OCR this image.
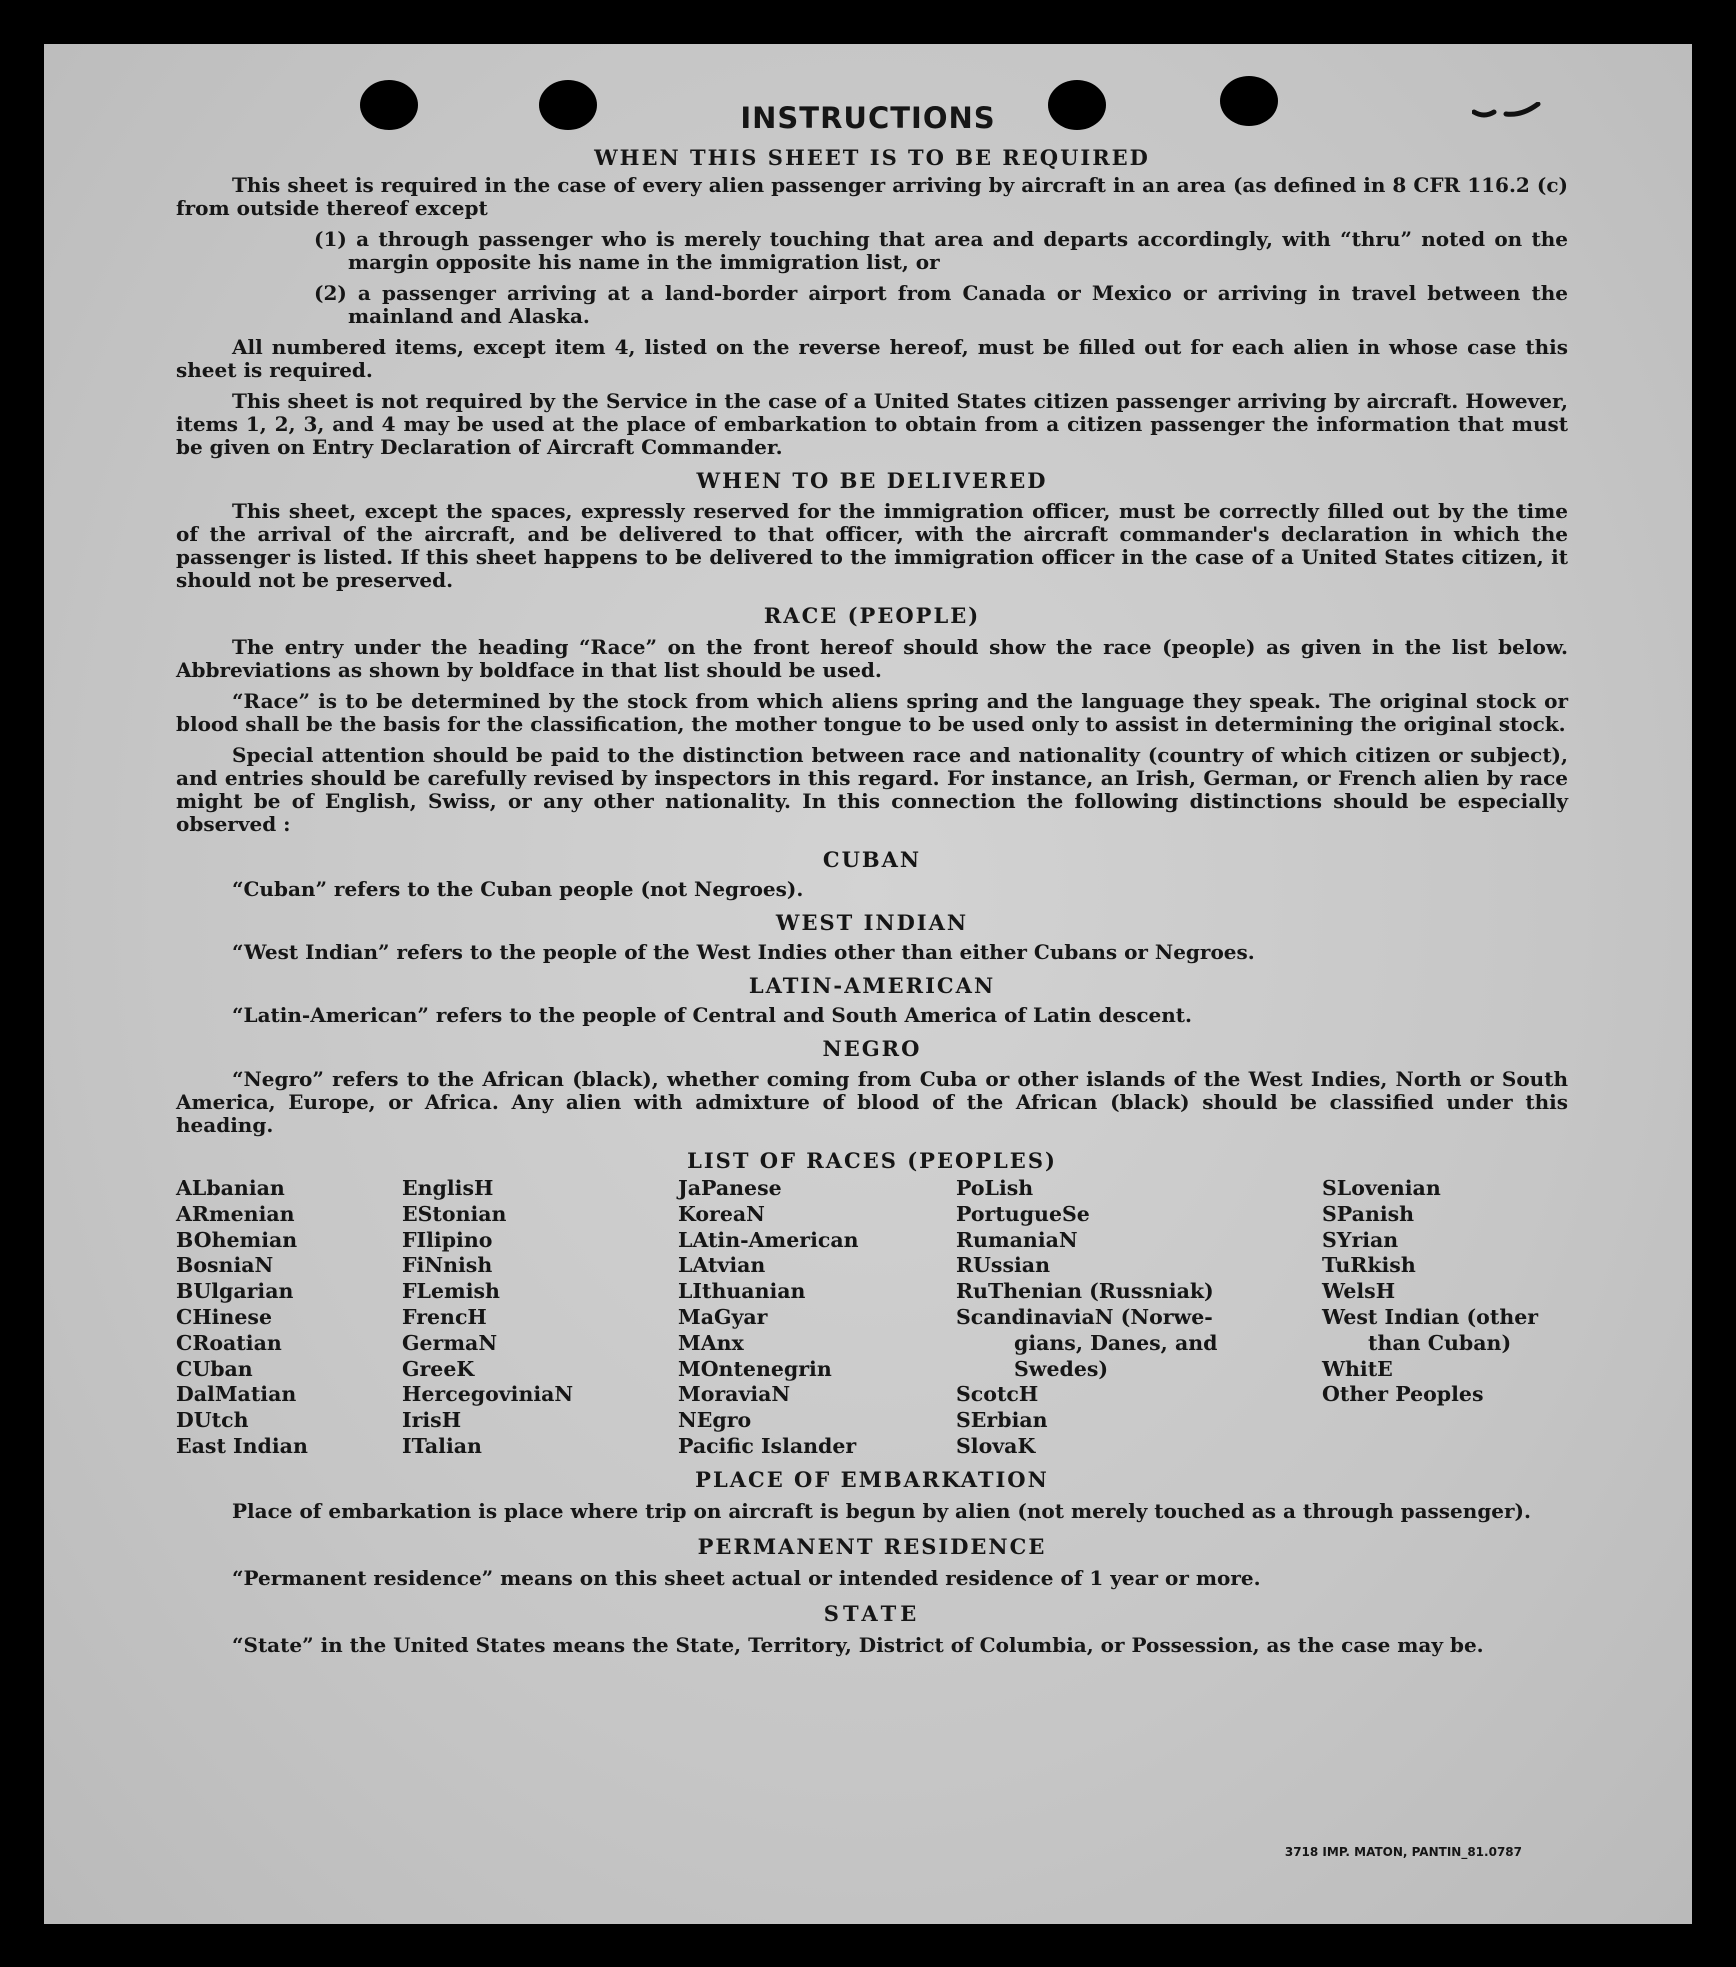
INSTRUCTIONS
WHEN THIS SHEET IS TO BE REQUIRED
This sheet is required in the case of every alien passenger arriving by aircraft in an area (as defined in 8 CFR 116.2 (c) from outside thereof except
(1) a through passenger who is merely touching that area and departs accordingly, with “thru” noted on the margin opposite his name in the immigration list, or
(2) a passenger arriving at a land-border airport from Canada or Mexico or arriving in travel between the mainland and Alaska.
All numbered items, except item 4, listed on the reverse hereof, must be filled out for each alien in whose case this sheet is required.
This sheet is not required by the Service in the case of a United States citizen passenger arriving by aircraft. However, items 1, 2, 3, and 4 may be used at the place of embarkation to obtain from a citizen passenger the information that must be given on Entry Declaration of Aircraft Commander.
WHEN TO BE DELIVERED
This sheet, except the spaces, expressly reserved for the immigration officer, must be correctly filled out by the time of the arrival of the aircraft, and be delivered to that officer, with the aircraft commander's declaration in which the passenger is listed. If this sheet happens to be delivered to the immigration officer in the case of a United States citizen, it should not be preserved.
RACE (PEOPLE)
The entry under the heading “Race” on the front hereof should show the race (people) as given in the list below. Abbreviations as shown by boldface in that list should be used.
“Race” is to be determined by the stock from which aliens spring and the language they speak. The original stock or blood shall be the basis for the classification, the mother tongue to be used only to assist in determining the original stock.
Special attention should be paid to the distinction between race and nationality (country of which citizen or subject), and entries should be carefully revised by inspectors in this regard. For instance, an Irish, German, or French alien by race might be of English, Swiss, or any other nationality. In this connection the following distinctions should be especially observed :
CUBAN
“Cuban” refers to the Cuban people (not Negroes).
WEST INDIAN
“West Indian” refers to the people of the West Indies other than either Cubans or Negroes.
LATIN-AMERICAN
“Latin-American” refers to the people of Central and South America of Latin descent.
NEGRO
“Negro” refers to the African (black), whether coming from Cuba or other islands of the West Indies, North or South America, Europe, or Africa. Any alien with admixture of blood of the African (black) should be classified under this heading.
LIST OF RACES (PEOPLES)
ALbanian
ARmenian
BOhemian
BosniaN
BUlgarian
CHinese
CRoatian
CUban
DalMatian
DUtch
East Indian
EnglisH
EStonian
FIlipino
FiNnish
FLemish
FrencH
GermaN
GreeK
HercegoviniaN
IrisH
ITalian
JaPanese
KoreaN
LAtin-American
LAtvian
LIthuanian
MaGyar
MAnx
MOntenegrin
MoraviaN
NEgro
Pacific Islander
PoLish
PortugueSe
RumaniaN
RUssian
RuThenian (Russniak)
ScandinaviaN (Norwe-
gians, Danes, and
Swedes)
ScotcH
SErbian
SlovaK
SLovenian
SPanish
SYrian
TuRkish
WelsH
West Indian (other
than Cuban)
WhitE
Other Peoples
PLACE OF EMBARKATION
Place of embarkation is place where trip on aircraft is begun by alien (not merely touched as a through passenger).
PERMANENT RESIDENCE
“Permanent residence” means on this sheet actual or intended residence of 1 year or more.
STATE
“State” in the United States means the State, Territory, District of Columbia, or Possession, as the case may be.
3718 IMP. MATON, PANTIN_81.0787
